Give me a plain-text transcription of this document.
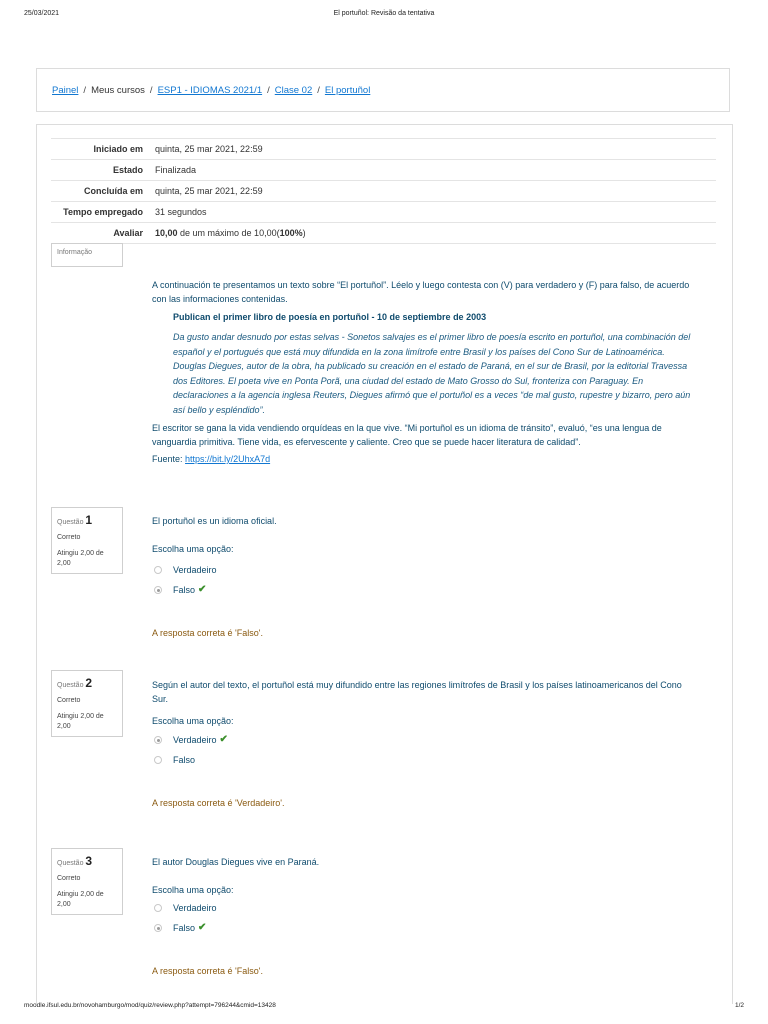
25/03/2021	El portuñol: Revisão da tentativa
Painel / Meus cursos / ESP1 - IDIOMAS 2021/1 / Clase 02 / El portuñol
Iniciado em	quinta, 25 mar 2021, 22:59
Estado	Finalizada
Concluída em	quinta, 25 mar 2021, 22:59
Tempo empregado	31 segundos
Avaliar	10,00 de um máximo de 10,00(100%)
Informação

A continuación te presentamos un texto sobre “El portuñol”. Léelo y luego contesta con (V) para verdadero y (F) para falso, de acuerdo con las informaciones contenidas.

Publican el primer libro de poesía en portuñol - 10 de septiembre de 2003

Da gusto andar desnudo por estas selvas - Sonetos salvajes es el primer libro de poesía escrito en portuñol, una combinación del español y el portugués que está muy difundida en la zona limítrofe entre Brasil y los países del Cono Sur de Latinoamérica. Douglas Diegues, autor de la obra, ha publicado su creación en el estado de Paraná, en el sur de Brasil, por la editorial Travessa dos Editores. El poeta vive en Ponta Porã, una ciudad del estado de Mato Grosso do Sul, fronteriza con Paraguay. En declaraciones a la agencia inglesa Reuters, Diegues afirmó que el portuñol es a veces “de mal gusto, rupestre y bizarro, pero aún así bello y espléndido”.

El escritor se gana la vida vendiendo orquídeas en la que vive. “Mi portuñol es un idioma de tránsito”, evaluó, “es una lengua de vanguardia primitiva. Tiene vida, es efervescente y caliente. Creo que se puede hacer literatura de calidad”.

Fuente: https://bit.ly/2UhxA7d

Questão 1
Correto
Atingiu 2,00 de 2,00

El portuñol es un idioma oficial.

Escolha uma opção:
Verdadeiro
Falso ✔
A resposta correta é 'Falso'.
Questão 2
Correto
Atingiu 2,00 de 2,00

Según el autor del texto, el portuñol está muy difundido entre las regiones limítrofes de Brasil y los países latinoamericanos del Cono Sur.

Escolha uma opção:
Verdadeiro ✔
Falso
A resposta correta é 'Verdadeiro'.
Questão 3
Correto
Atingiu 2,00 de 2,00

El autor Douglas Diegues vive en Paraná.

Escolha uma opção:
Verdadeiro
Falso ✔
A resposta correta é 'Falso'.
moodle.ifsul.edu.br/novohamburgo/mod/quiz/review.php?attempt=796244&cmid=13428	1/2
